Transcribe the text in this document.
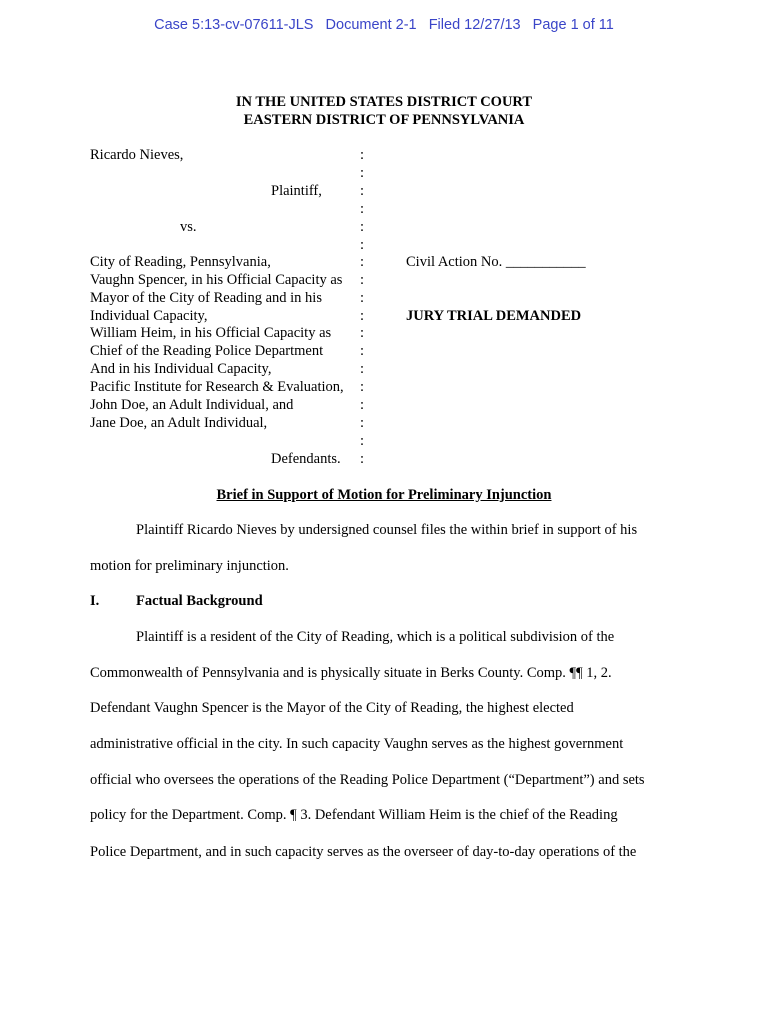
Case 5:13-cv-07611-JLS   Document 2-1   Filed 12/27/13   Page 1 of 11
IN THE UNITED STATES DISTRICT COURT
EASTERN DISTRICT OF PENNSYLVANIA
Ricardo Nieves,
Plaintiff,
vs.
City of Reading, Pennsylvania,
Vaughn Spencer, in his Official Capacity as
Mayor of the City of Reading and in his
Individual Capacity,
William Heim, in his Official Capacity as
Chief of the Reading Police Department
And in his Individual Capacity,
Pacific Institute for Research & Evaluation,
John Doe, an Adult Individual, and
Jane Doe, an Adult Individual,
Defendants.
:
:
:
:
:
:
:
:
:
:
:
:
:
:
:
:
:
:
Civil Action No. ___________
JURY TRIAL DEMANDED
Brief in Support of Motion for Preliminary Injunction
Plaintiff Ricardo Nieves by undersigned counsel files the within brief in support of his
motion for preliminary injunction.
I.	Factual Background
Plaintiff is a resident of the City of Reading, which is a political subdivision of the
Commonwealth of Pennsylvania and is physically situate in Berks County. Comp. ¶¶ 1, 2.
Defendant Vaughn Spencer is the Mayor of the City of Reading, the highest elected
administrative official in the city. In such capacity Vaughn serves as the highest government
official who oversees the operations of the Reading Police Department (“Department”) and sets
policy for the Department. Comp. ¶ 3. Defendant William Heim is the chief of the Reading
Police Department, and in such capacity serves as the overseer of day-to-day operations of the
